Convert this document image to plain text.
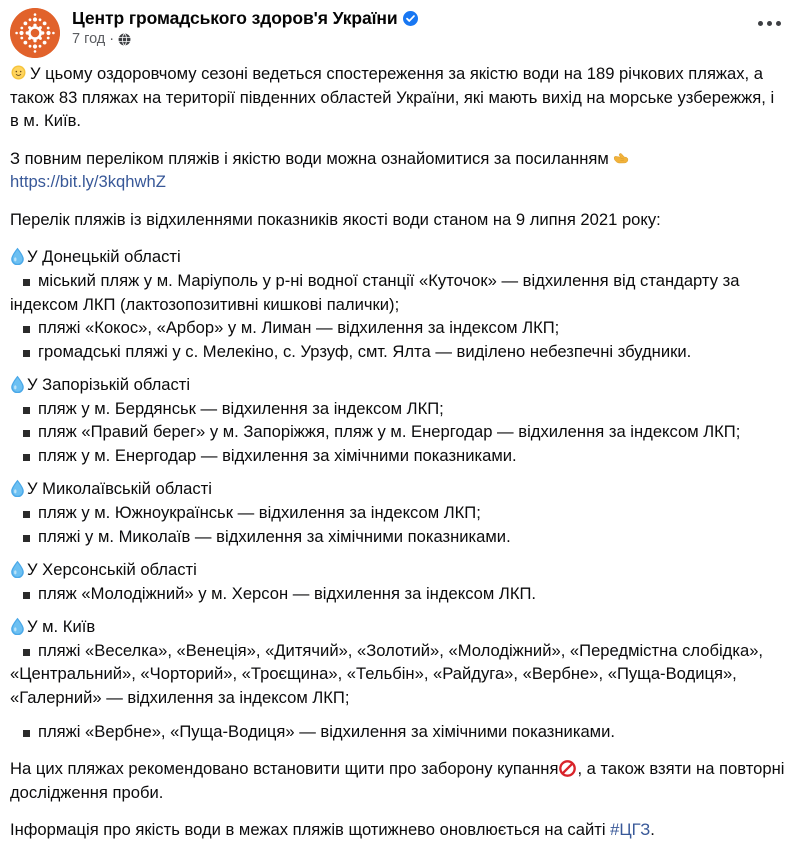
Центр громадського здоров'я України
7 год ·

У цьому оздоровчому сезоні ведеться спостереження за якістю води на 189 річкових пляжах, а також 83 пляжах на території південних областей України, які мають вихід на морське узбережжя, і в м. Київ.

З повним переліком пляжів і якістю води можна ознайомитися за посиланням

https://bit.ly/3kqhwhZ

Перелік пляжів із відхиленнями показників якості води станом на 9 липня 2021 року:

У Донецькій області

міський пляж у м. Маріуполь у р-ні водної станції «Куточок» — відхилення від стандарту за індексом ЛКП (лактозопозитивні кишкові палички);
пляжі «Кокос», «Арбор» у м. Лиман — відхилення за індексом ЛКП;
громадські пляжі у с. Мелекіно, с. Урзуф, смт. Ялта — виділено небезпечні збудники.

У Запорізькій області

пляж у м. Бердянськ — відхилення за індексом ЛКП;
пляж «Правий берег» у м. Запоріжжя, пляж у м. Енергодар — відхилення за індексом ЛКП;
пляж у м. Енергодар — відхилення за хімічними показниками.

У Миколаївській області

пляж у м. Южноукраїнськ — відхилення за індексом ЛКП;
пляжі у м. Миколаїв — відхилення за хімічними показниками.

У Херсонській області

пляж «Молодіжний» у м. Херсон — відхилення за індексом ЛКП.

У м. Київ

пляжі «Веселка», «Венеція», «Дитячий», «Золотий», «Молодіжний», «Передмістна слобідка», «Центральний», «Чорторий», «Троєщина», «Тельбін», «Райдуга», «Вербне», «Пуща-Водиця», «Галерний» — відхилення за індексом ЛКП;
пляжі «Вербне», «Пуща-Водиця» — відхилення за хімічними показниками.

На цих пляжах рекомендовано встановити щити про заборону купання , а також взяти на повторні дослідження проби.

Інформація про якість води в межах пляжів щотижнево оновлюється на сайті #ЦГЗ.
